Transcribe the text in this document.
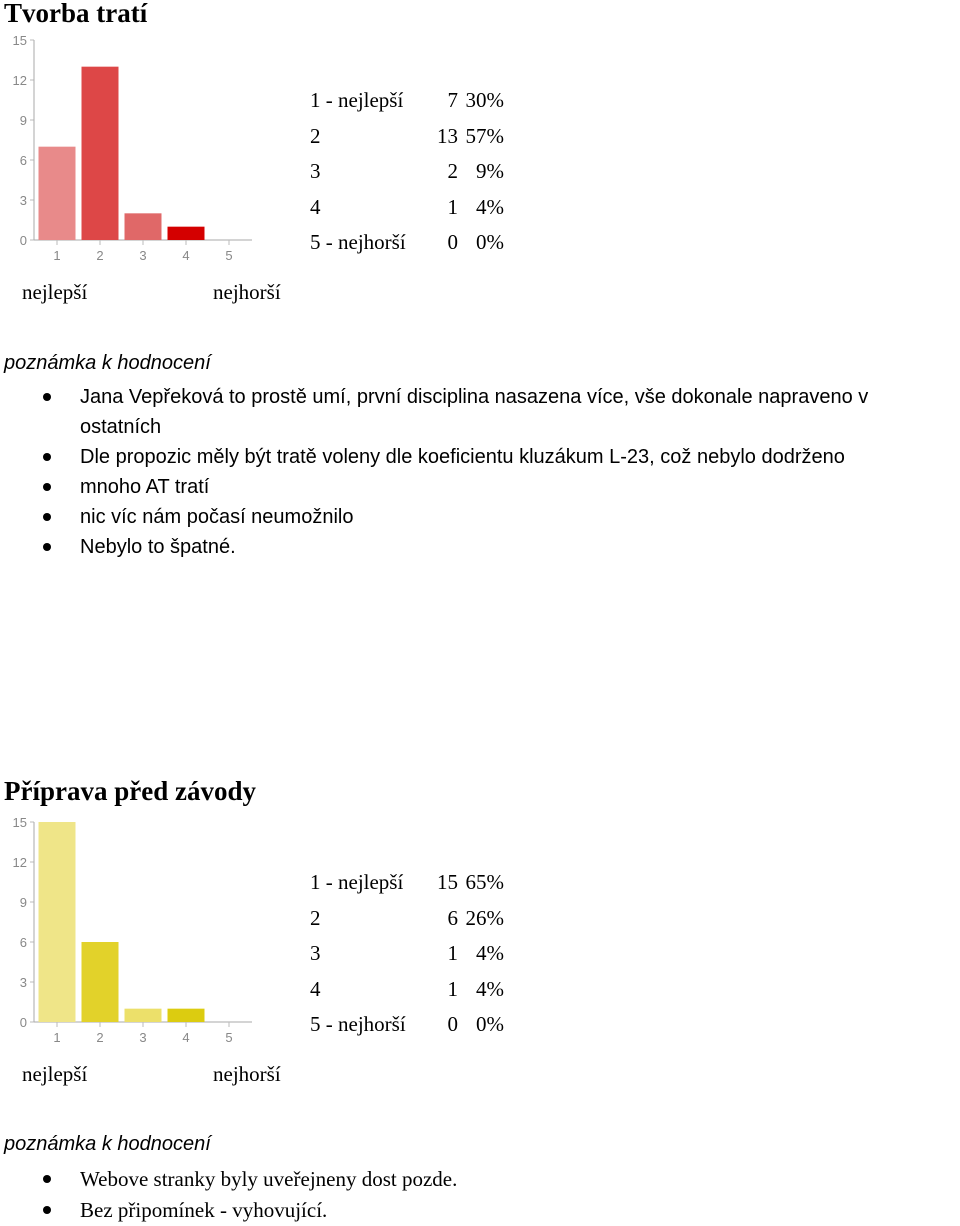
Tvorba tratí
0
3
6
9
12
15
1	2	3	4	5
1 - nejlepší	7	30%
2	13	57%
3	2	9%
4	1	4%
5 - nejhorší	0	0%
nejlepší	nejhorší
poznámka k hodnocení
Jana Vepřeková to prostě umí, první disciplina nasazena více, vše dokonale napraveno v ostatních
Dle propozic měly být tratě voleny dle koeficientu kluzákum L-23, což nebylo dodrženo
mnoho AT tratí
nic víc nám počasí neumožnilo
Nebylo to špatné.
Příprava před závody
0
3
6
9
12
15
1	2	3	4	5
1 - nejlepší	15	65%
2	6	26%
3	1	4%
4	1	4%
5 - nejhorší	0	0%
nejlepší	nejhorší
poznámka k hodnocení
Webove stranky byly uveřejneny dost pozde.
Bez připomínek - vyhovující.
